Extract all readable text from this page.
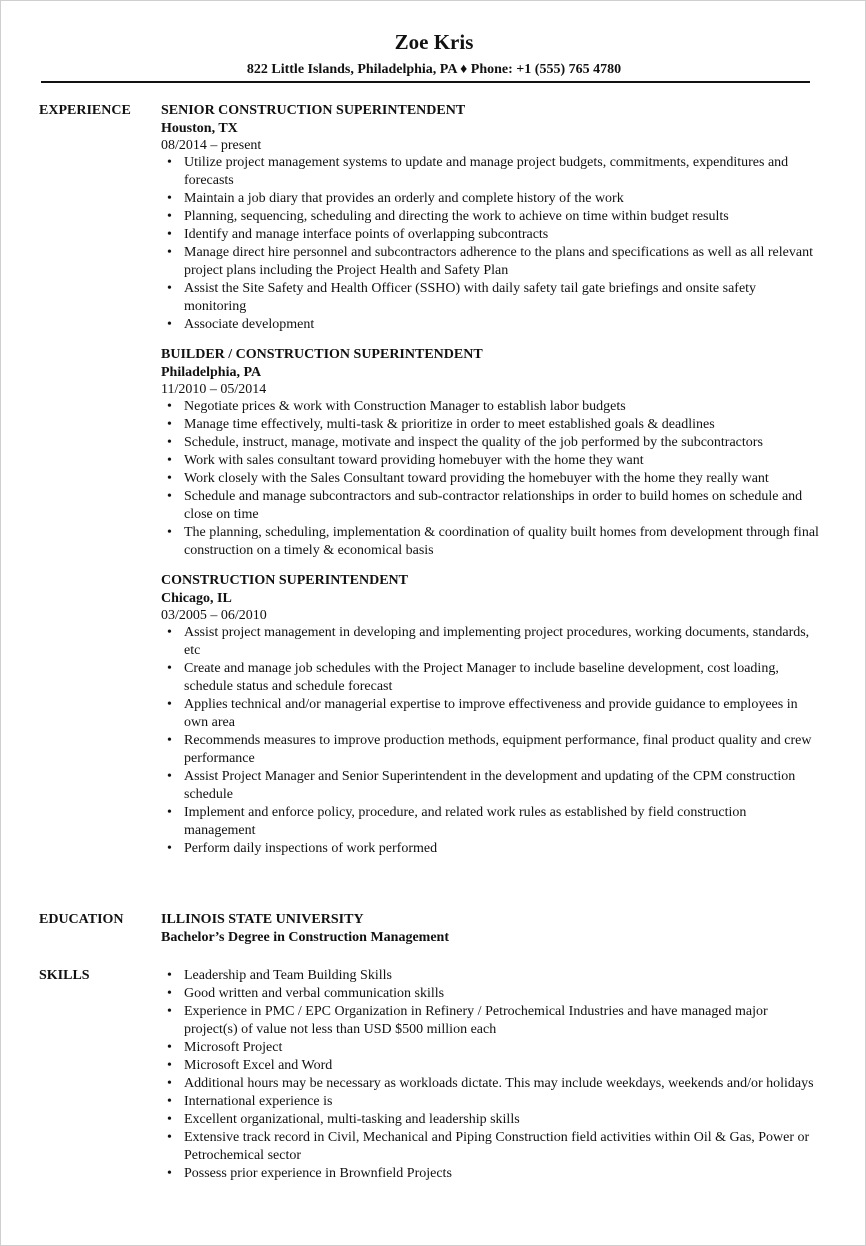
Zoe Kris
822 Little Islands, Philadelphia, PA ♦ Phone: +1 (555) 765 4780
EXPERIENCE	SENIOR CONSTRUCTION SUPERINTENDENT
Houston, TX
08/2014 – present
• Utilize project management systems to update and manage project budgets, commitments, expenditures and forecasts
• Maintain a job diary that provides an orderly and complete history of the work
• Planning, sequencing, scheduling and directing the work to achieve on time within budget results
• Identify and manage interface points of overlapping subcontracts
• Manage direct hire personnel and subcontractors adherence to the plans and specifications as well as all relevant project plans including the Project Health and Safety Plan
• Assist the Site Safety and Health Officer (SSHO) with daily safety tail gate briefings and onsite safety monitoring
• Associate development
BUILDER / CONSTRUCTION SUPERINTENDENT
Philadelphia, PA
11/2010 – 05/2014
• Negotiate prices & work with Construction Manager to establish labor budgets
• Manage time effectively, multi-task & prioritize in order to meet established goals & deadlines
• Schedule, instruct, manage, motivate and inspect the quality of the job performed by the subcontractors
• Work with sales consultant toward providing homebuyer with the home they want
• Work closely with the Sales Consultant toward providing the homebuyer with the home they really want
• Schedule and manage subcontractors and sub-contractor relationships in order to build homes on schedule and close on time
• The planning, scheduling, implementation & coordination of quality built homes from development through final construction on a timely & economical basis
CONSTRUCTION SUPERINTENDENT
Chicago, IL
03/2005 – 06/2010
• Assist project management in developing and implementing project procedures, working documents, standards, etc
• Create and manage job schedules with the Project Manager to include baseline development, cost loading, schedule status and schedule forecast
• Applies technical and/or managerial expertise to improve effectiveness and provide guidance to employees in own area
• Recommends measures to improve production methods, equipment performance, final product quality and crew performance
• Assist Project Manager and Senior Superintendent in the development and updating of the CPM construction schedule
• Implement and enforce policy, procedure, and related work rules as established by field construction management
• Perform daily inspections of work performed
EDUCATION	ILLINOIS STATE UNIVERSITY
Bachelor’s Degree in Construction Management
SKILLS
•	Leadership and Team Building Skills
• Good written and verbal communication skills
• Experience in PMC / EPC Organization in Refinery / Petrochemical Industries and have managed major project(s) of value not less than USD $500 million each
• Microsoft Project
• Microsoft Excel and Word
• Additional hours may be necessary as workloads dictate. This may include weekdays, weekends and/or holidays
• International experience is
• Excellent organizational, multi-tasking and leadership skills
• Extensive track record in Civil, Mechanical and Piping Construction field activities within Oil & Gas, Power or Petrochemical sector
• Possess prior experience in Brownfield Projects
